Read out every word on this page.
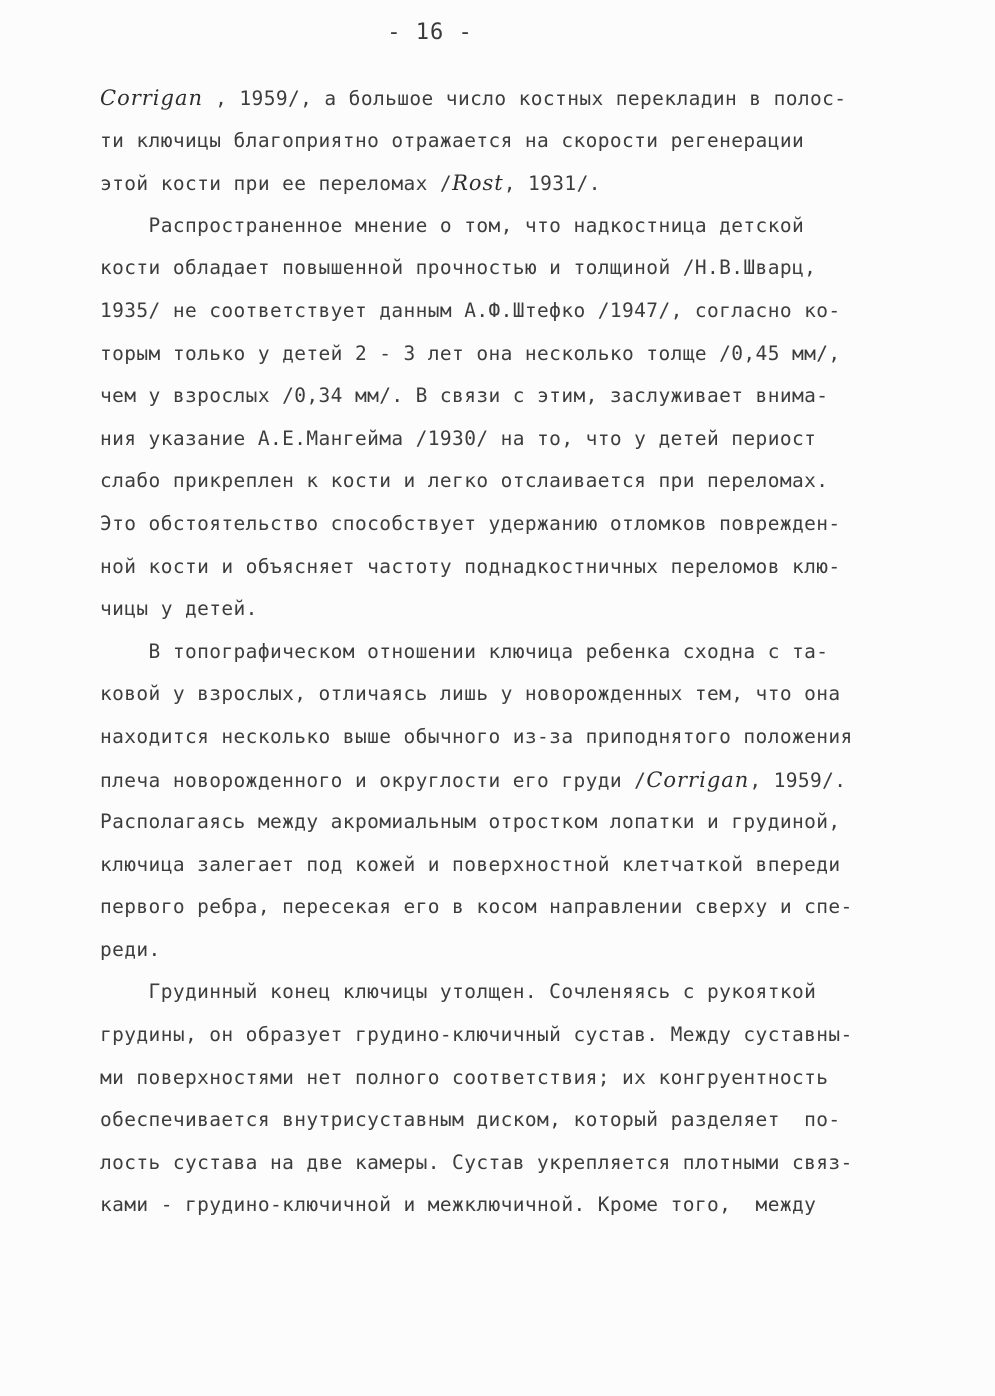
- 16 -
Corrigan , 1959/, а большое число костных перекладин в полос-
ти ключицы благоприятно отражается на скорости регенерации
этой кости при ее переломах /Rost, 1931/.
Распространенное мнение о том, что надкостница детской
кости обладает повышенной прочностью и толщиной /Н.В.Шварц,
1935/ не соответствует данным А.Ф.Штефко /1947/, согласно ко-
торым только у детей 2 - 3 лет она несколько толще /0,45 мм/,
чем у взрослых /0,34 мм/. В связи с этим, заслуживает внима-
ния указание А.Е.Мангейма /1930/ на то, что у детей периост
слабо прикреплен к кости и легко отслаивается при переломах.
Это обстоятельство способствует удержанию отломков поврежден-
ной кости и объясняет частоту поднадкостничных переломов клю-
чицы у детей.
В топографическом отношении ключица ребенка сходна с та-
ковой у взрослых, отличаясь лишь у новорожденных тем, что она
находится несколько выше обычного из-за приподнятого положения
плеча новорожденного и округлости его груди /Corrigan, 1959/.
Располагаясь между акромиальным отростком лопатки и грудиной,
ключица залегает под кожей и поверхностной клетчаткой впереди
первого ребра, пересекая его в косом направлении сверху и спе-
реди.
Грудинный конец ключицы утолщен. Сочленяясь с рукояткой
грудины, он образует грудино-ключичный сустав. Между суставны-
ми поверхностями нет полного соответствия; их конгруентность
обеспечивается внутрисуставным диском, который разделяет  по-
лость сустава на две камеры. Сустав укрепляется плотными связ-
ками - грудино-ключичной и межключичной. Кроме того,  между
